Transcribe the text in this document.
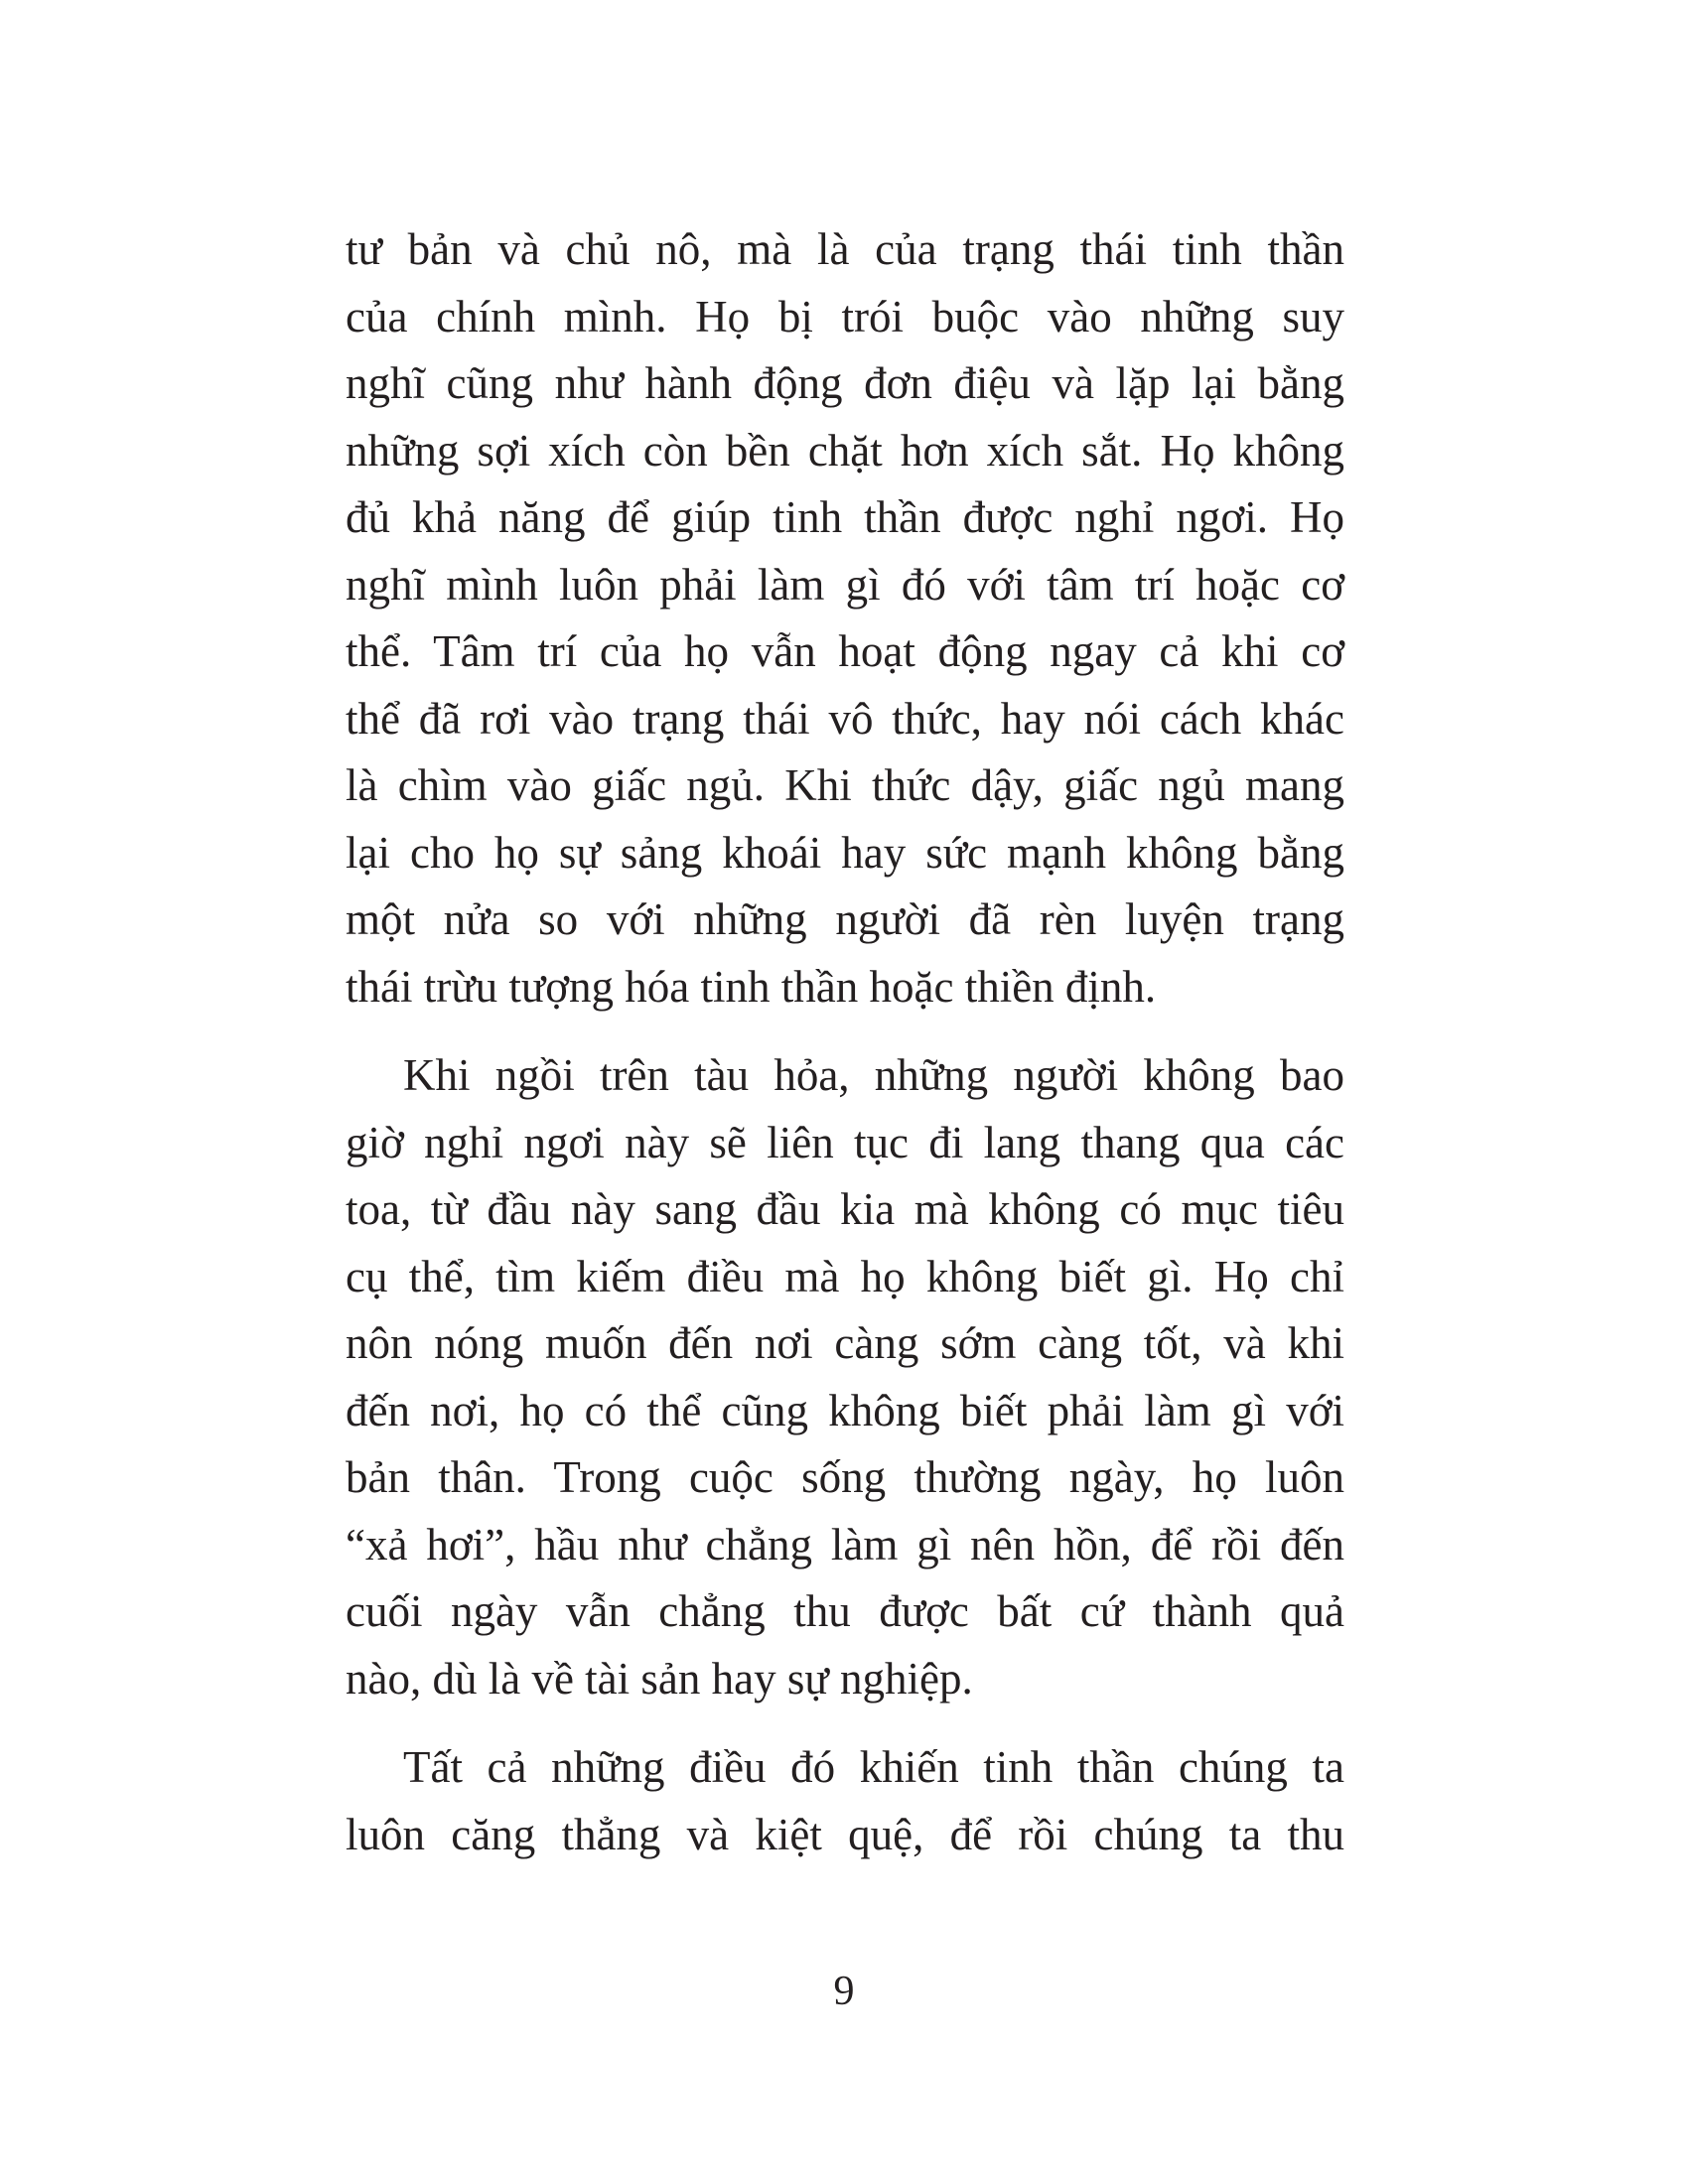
tư bản và chủ nô, mà là của trạng thái tinh thần
của chính mình. Họ bị trói buộc vào những suy
nghĩ cũng như hành động đơn điệu và lặp lại bằng
những sợi xích còn bền chặt hơn xích sắt. Họ không
đủ khả năng để giúp tinh thần được nghỉ ngơi. Họ
nghĩ mình luôn phải làm gì đó với tâm trí hoặc cơ
thể. Tâm trí của họ vẫn hoạt động ngay cả khi cơ
thể đã rơi vào trạng thái vô thức, hay nói cách khác
là chìm vào giấc ngủ. Khi thức dậy, giấc ngủ mang
lại cho họ sự sảng khoái hay sức mạnh không bằng
một nửa so với những người đã rèn luyện trạng
thái trừu tượng hóa tinh thần hoặc thiền định.
Khi ngồi trên tàu hỏa, những người không bao
giờ nghỉ ngơi này sẽ liên tục đi lang thang qua các
toa, từ đầu này sang đầu kia mà không có mục tiêu
cụ thể, tìm kiếm điều mà họ không biết gì. Họ chỉ
nôn nóng muốn đến nơi càng sớm càng tốt, và khi
đến nơi, họ có thể cũng không biết phải làm gì với
bản thân. Trong cuộc sống thường ngày, họ luôn
“xả hơi”, hầu như chẳng làm gì nên hồn, để rồi đến
cuối ngày vẫn chẳng thu được bất cứ thành quả
nào, dù là về tài sản hay sự nghiệp.
Tất cả những điều đó khiến tinh thần chúng ta
luôn căng thẳng và kiệt quệ, để rồi chúng ta thu
9
